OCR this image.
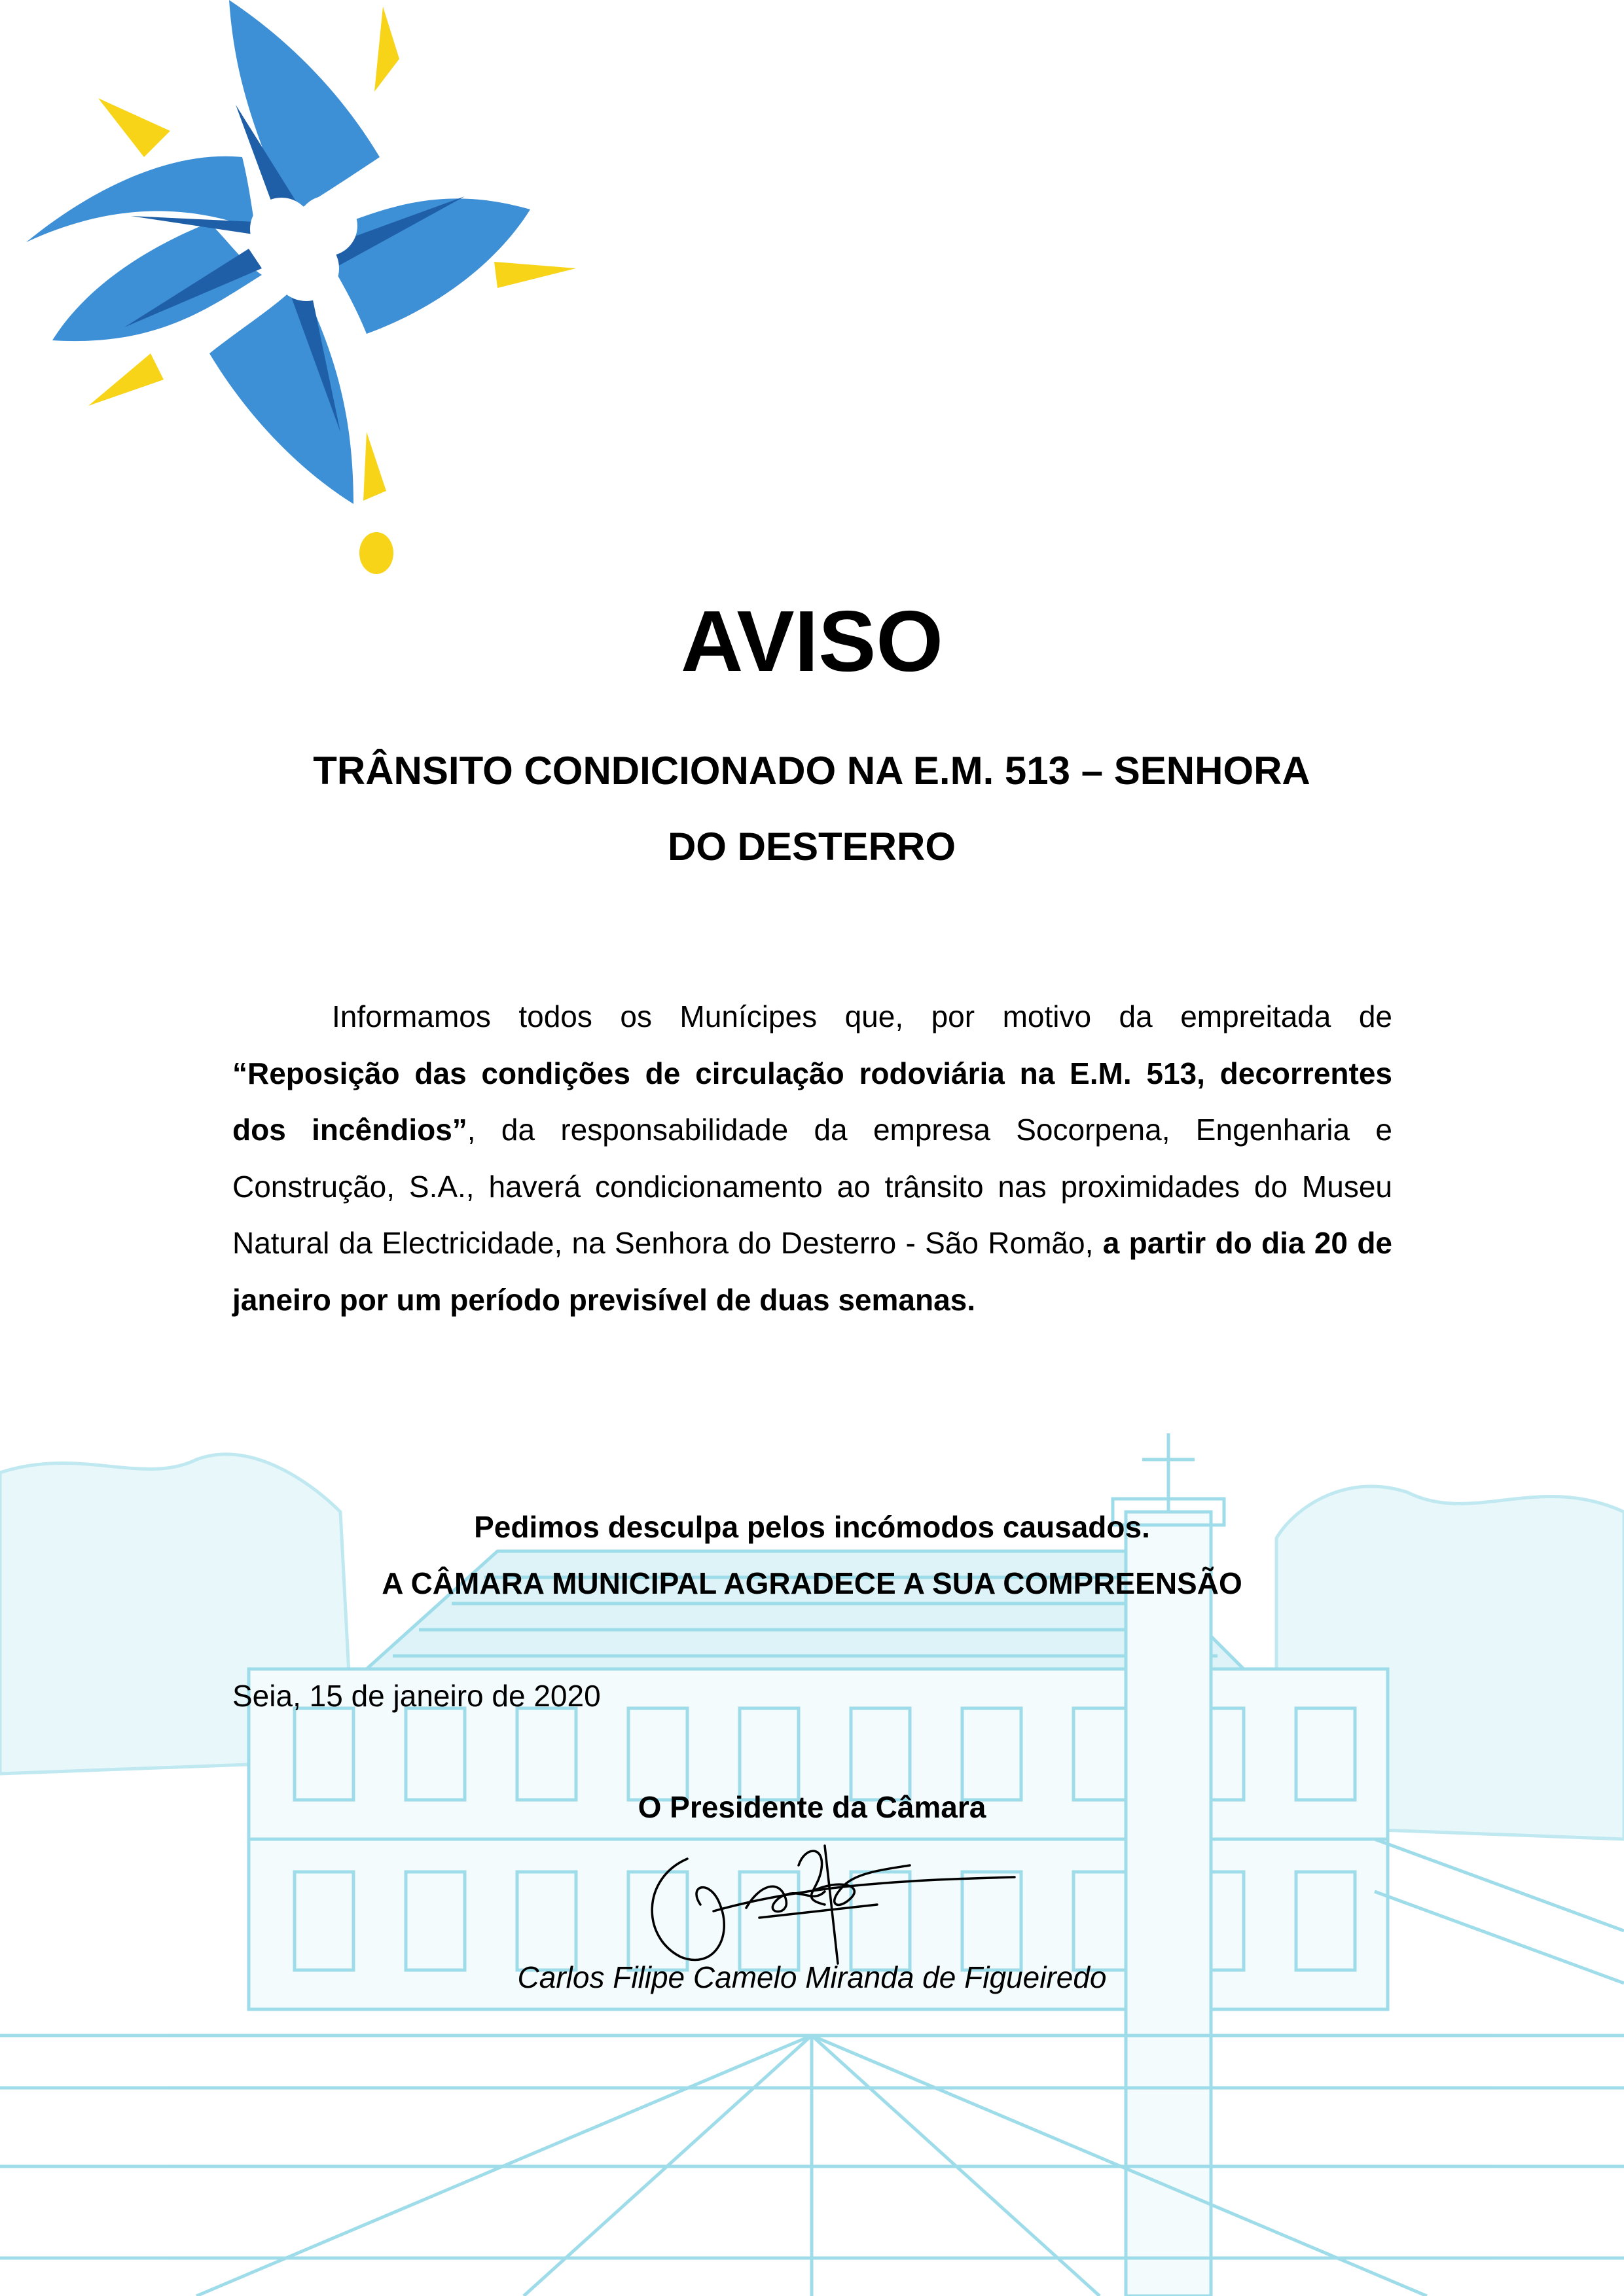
AVISO
TRÂNSITO CONDICIONADO NA E.M. 513 – SENHORA
DO DESTERRO

Informamos todos os Munícipes que, por motivo da empreitada de “Reposição das condições de circulação rodoviária na E.M. 513, decorrentes dos incêndios”, da responsabilidade da empresa Socorpena, Engenharia e Construção, S.A., haverá condicionamento ao trânsito nas proximidades do Museu Natural da Electricidade, na Senhora do Desterro - São Romão, a partir do dia 20 de janeiro por um período previsível de duas semanas.

Pedimos desculpa pelos incómodos causados.
A CÂMARA MUNICIPAL AGRADECE A SUA COMPREENSÃO
Seia, 15 de janeiro de 2020
O Presidente da Câmara
Carlos Filipe Camelo Miranda de Figueiredo
